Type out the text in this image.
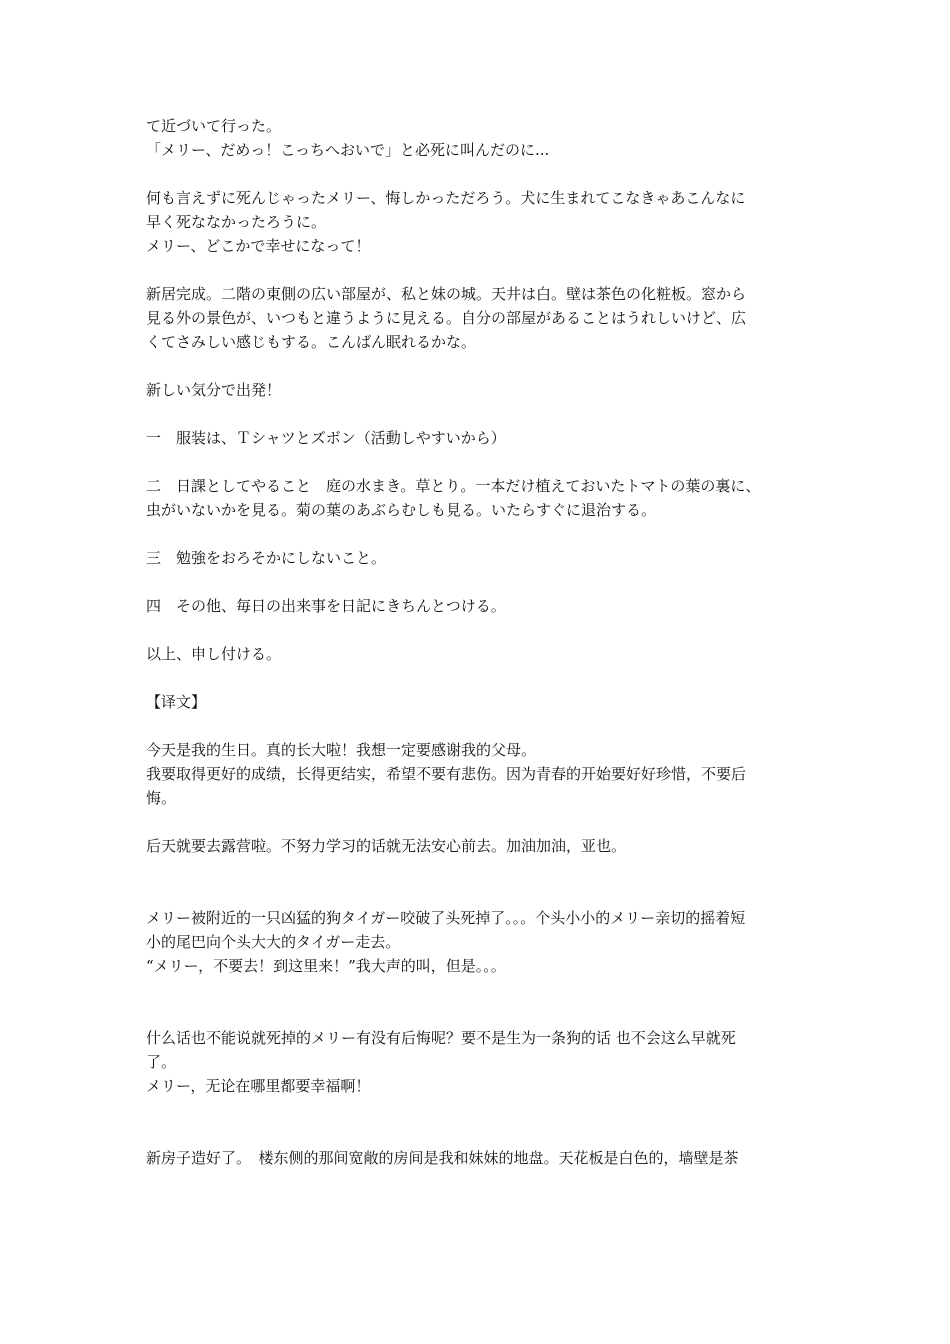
て近づいて行った。
「メリー、だめっ！こっちへおいで」と必死に叫んだのに...
何も言えずに死んじゃったメリー、悔しかっただろう。犬に生まれてこなきゃあこんなに
早く死ななかったろうに。
メリー、どこかで幸せになって！
新居完成。二階の東側の広い部屋が、私と妹の城。天井は白。壁は茶色の化粧板。窓から
見る外の景色が、いつもと違うように見える。自分の部屋があることはうれしいけど、広
くてさみしい感じもする。こんばん眠れるかな。
新しい気分で出発！
一　服装は、Ｔシャツとズボン（活動しやすいから）
二　日課としてやること　庭の水まき。草とり。一本だけ植えておいたトマトの葉の裏に、
虫がいないかを見る。菊の葉のあぶらむしも見る。いたらすぐに退治する。
三　勉強をおろそかにしないこと。
四　その他、毎日の出来事を日記にきちんとつける。
以上、申し付ける。
【译文】
今天是我的生日。真的长大啦！我想一定要感谢我的父母。
我要取得更好的成绩，长得更结实，希望不要有悲伤。因为青春的开始要好好珍惜，不要后
悔。
后天就要去露营啦。不努力学习的话就无法安心前去。加油加油，亚也。
メリー被附近的一只凶猛的狗タイガー咬破了头死掉了。。。个头小小的メリー亲切的摇着短
小的尾巴向个头大大的タイガー走去。
“メリー，不要去！到这里来！”我大声的叫，但是。。。
什么话也不能说就死掉的メリー有没有后悔呢？要不是生为一条狗的话 也不会这么早就死
了。
メリー，无论在哪里都要幸福啊！
新房子造好了。　楼东侧的那间宽敞的房间是我和妹妹的地盘。天花板是白色的，墙壁是茶
